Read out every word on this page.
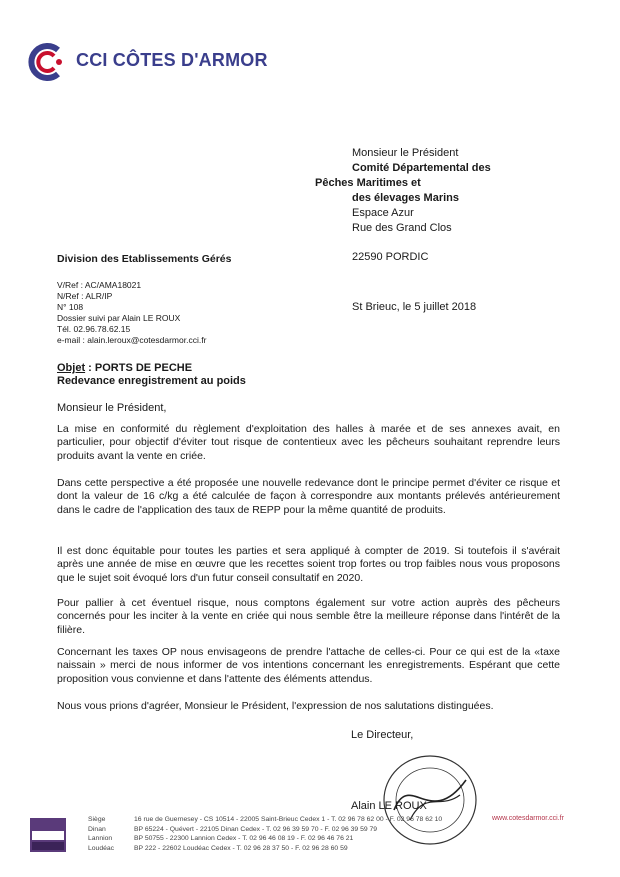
CCI CÔTES D'ARMOR
Monsieur le Président
Comité Départemental des
Pêches Maritimes et
des élevages Marins
Espace Azur
Rue des Grand Clos
22590 PORDIC
Division des Etablissements Gérés
V/Ref : AC/AMA18021
N/Ref : ALR/IP
N° 108
Dossier suivi par Alain LE ROUX
Tél. 02.96.78.62.15
e-mail : alain.leroux@cotesdarmor.cci.fr
St Brieuc, le 5 juillet 2018
Objet : PORTS DE PECHE
Redevance enregistrement au poids
Monsieur le Président,

La mise en conformité du règlement d'exploitation des halles à marée et de ses annexes avait, en particulier, pour objectif d'éviter tout risque de contentieux avec les pêcheurs souhaitant reprendre leurs produits avant la vente en criée.

Dans cette perspective a été proposée une nouvelle redevance dont le principe permet d'éviter ce risque et dont la valeur de 16 c/kg a été calculée de façon à correspondre aux montants prélevés antérieurement dans le cadre de l'application des taux de REPP pour la même quantité de produits.

Il est donc équitable pour toutes les parties et sera appliqué à compter de 2019. Si toutefois il s'avérait après une année de mise en œuvre que les recettes soient trop fortes ou trop faibles nous vous proposons que le sujet soit évoqué lors d'un futur conseil consultatif en 2020.

Pour pallier à cet éventuel risque, nous comptons également sur votre action auprès des pêcheurs concernés pour les inciter à la vente en criée qui nous semble être la meilleure réponse dans l'intérêt de la filière.

Concernant les taxes OP nous envisageons de prendre l'attache de celles-ci. Pour ce qui est de la «taxe naissain » merci de nous informer de vos intentions concernant les enregistrements. Espérant que cette proposition vous convienne et dans l'attente des éléments attendus.

Nous vous prions d'agréer, Monsieur le Président, l'expression de nos salutations distinguées.

Le Directeur,
Alain LE ROUX
Siège	16 rue de Guernesey - CS 10514 - 22005 Saint-Brieuc Cedex 1 - T. 02 96 78 62 00 - F. 02 96 78 62 10
Dinan	BP 65224 - Quévert - 22105 Dinan Cedex - T. 02 96 39 59 70 - F. 02 96 39 59 79
Lannion	BP 50755 - 22300 Lannion Cedex - T. 02 96 46 08 19 - F. 02 96 46 76 21
Loudéac	BP 222 - 22602 Loudéac Cedex - T. 02 96 28 37 50 - F. 02 96 28 60 59
www.cotesdarmor.cci.fr
